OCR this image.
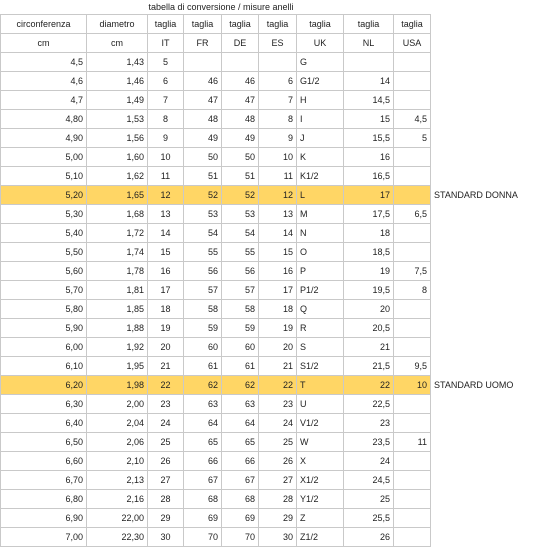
tabella di conversione / misure anelli
circonferenza	diametro	taglia	taglia	taglia	taglia	taglia	taglia	taglia	
cm	cm	IT	FR	DE	ES	UK	NL	USA	
4,5	1,43	5				G			
4,6	1,46	6	46	46	6	G1/2	14		
4,7	1,49	7	47	47	7	H	14,5		
4,80	1,53	8	48	48	8	I	15	4,5	
4,90	1,56	9	49	49	9	J	15,5	5	
5,00	1,60	10	50	50	10	K	16		
5,10	1,62	11	51	51	11	K1/2	16,5		
5,20	1,65	12	52	52	12	L	17		STANDARD DONNA
5,30	1,68	13	53	53	13	M	17,5	6,5	
5,40	1,72	14	54	54	14	N	18		
5,50	1,74	15	55	55	15	O	18,5		
5,60	1,78	16	56	56	16	P	19	7,5	
5,70	1,81	17	57	57	17	P1/2	19,5	8	
5,80	1,85	18	58	58	18	Q	20		
5,90	1,88	19	59	59	19	R	20,5		
6,00	1,92	20	60	60	20	S	21		
6,10	1,95	21	61	61	21	S1/2	21,5	9,5	
6,20	1,98	22	62	62	22	T	22	10	STANDARD UOMO
6,30	2,00	23	63	63	23	U	22,5		
6,40	2,04	24	64	64	24	V1/2	23		
6,50	2,06	25	65	65	25	W	23,5	11	
6,60	2,10	26	66	66	26	X	24		
6,70	2,13	27	67	67	27	X1/2	24,5		
6,80	2,16	28	68	68	28	Y1/2	25		
6,90	22,00	29	69	69	29	Z	25,5		
7,00	22,30	30	70	70	30	Z1/2	26		
